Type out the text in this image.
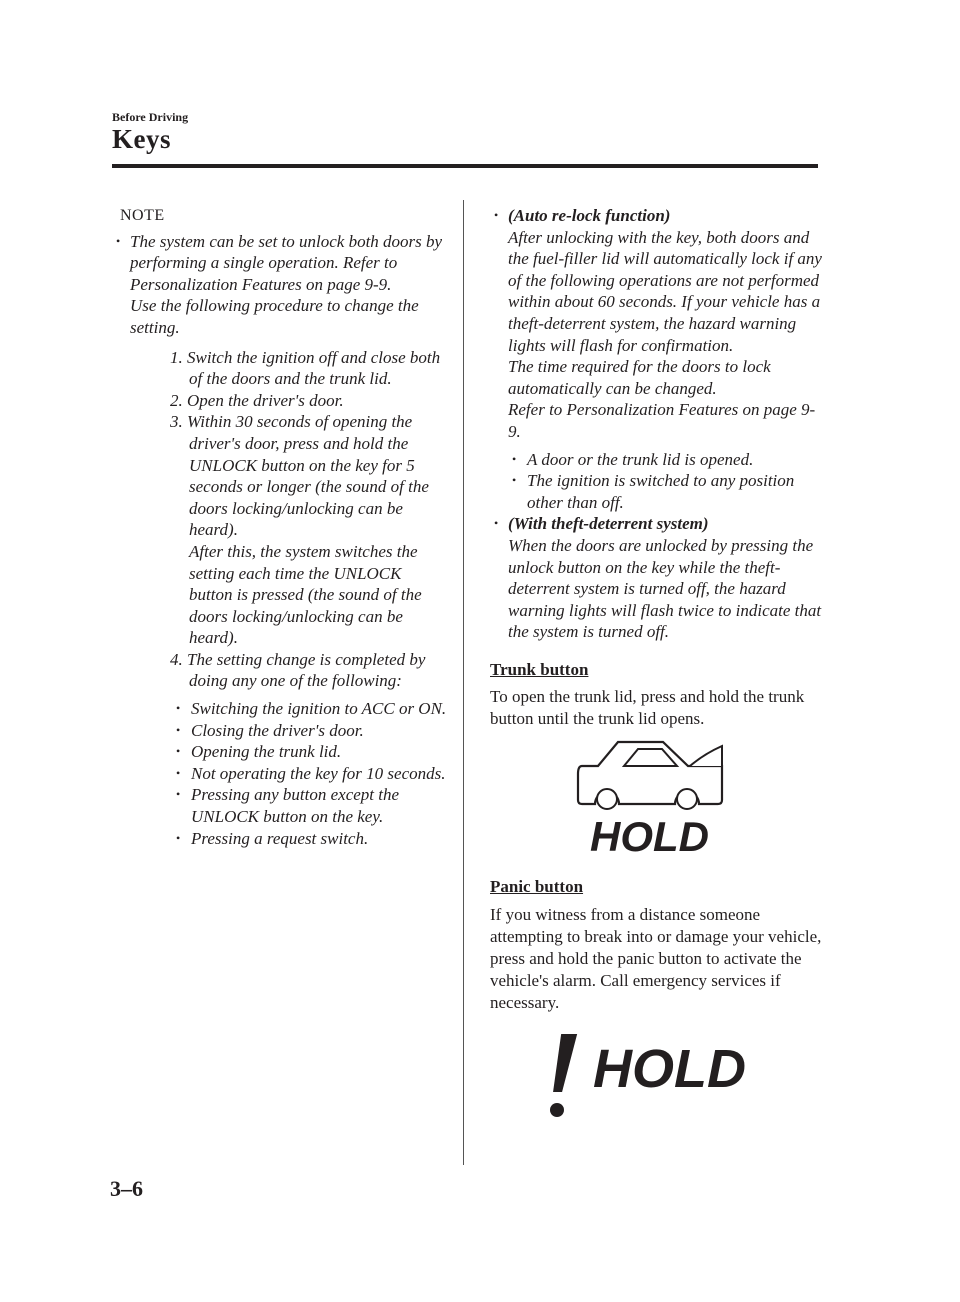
Before Driving
Keys
NOTE
• The system can be set to unlock both doors by performing a single operation. Refer to Personalization Features on page 9-9.
Use the following procedure to change the setting.
1. Switch the ignition off and close both of the doors and the trunk lid.
2. Open the driver's door.
3. Within 30 seconds of opening the driver's door, press and hold the UNLOCK button on the key for 5 seconds or longer (the sound of the doors locking/unlocking can be heard).
After this, the system switches the setting each time the UNLOCK button is pressed (the sound of the doors locking/unlocking can be heard).
4. The setting change is completed by doing any one of the following:
• Switching the ignition to ACC or ON.
• Closing the driver's door.
• Opening the trunk lid.
• Not operating the key for 10 seconds.
• Pressing any button except the UNLOCK button on the key.
• Pressing a request switch.
• (Auto re-lock function)
After unlocking with the key, both doors and the fuel-filler lid will automatically lock if any of the following operations are not performed within about 60 seconds. If your vehicle has a theft-deterrent system, the hazard warning lights will flash for confirmation.
The time required for the doors to lock automatically can be changed.
Refer to Personalization Features on page 9-9.
• A door or the trunk lid is opened.
• The ignition is switched to any position other than off.
• (With theft-deterrent system)
When the doors are unlocked by pressing the unlock button on the key while the theft-deterrent system is turned off, the hazard warning lights will flash twice to indicate that the system is turned off.
Trunk button
To open the trunk lid, press and hold the trunk button until the trunk lid opens.
HOLD
Panic button
If you witness from a distance someone attempting to break into or damage your vehicle, press and hold the panic button to activate the vehicle's alarm. Call emergency services if necessary.
HOLD
3–6
